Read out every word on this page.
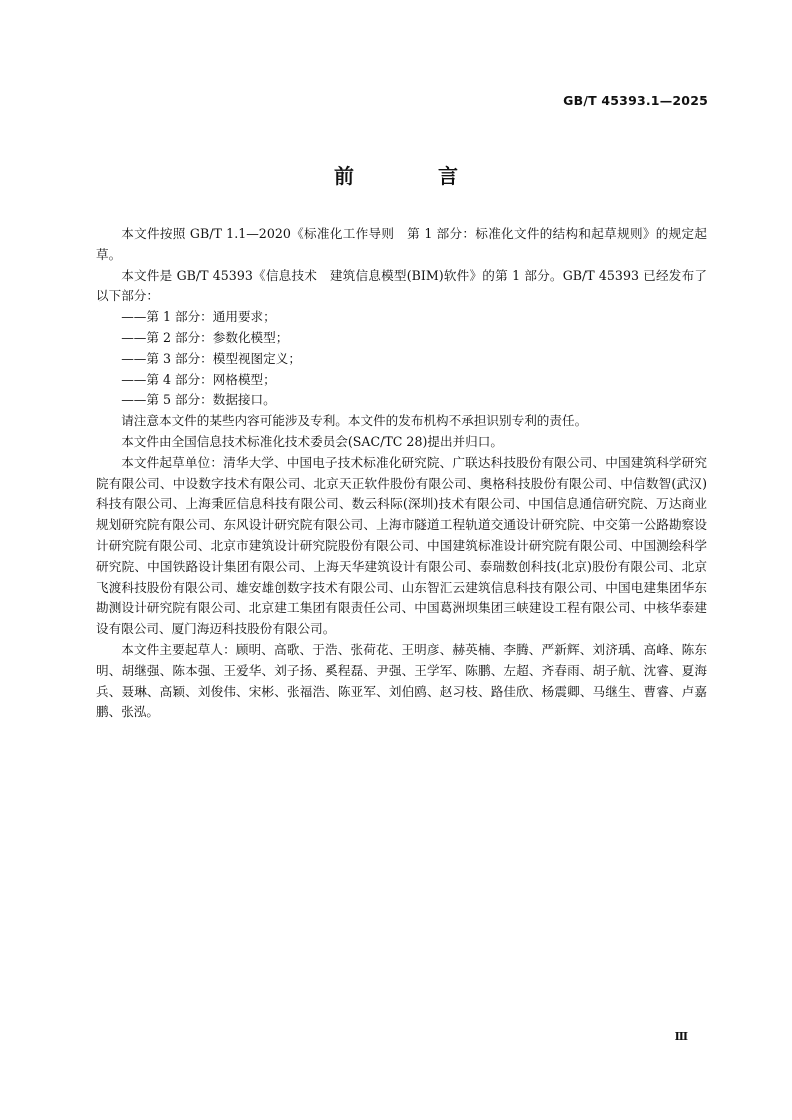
GB/T 45393.1—2025
前　言

本文件按照 GB/T 1.1—2020《标准化工作导则　第 1 部分：标准化文件的结构和起草规则》的规定起草。

本文件是 GB/T 45393《信息技术　建筑信息模型(BIM)软件》的第 1 部分。GB/T 45393 已经发布了以下部分：

——第 1 部分：通用要求；
——第 2 部分：参数化模型；
——第 3 部分：模型视图定义；
——第 4 部分：网格模型；
——第 5 部分：数据接口。

请注意本文件的某些内容可能涉及专利。本文件的发布机构不承担识别专利的责任。

本文件由全国信息技术标准化技术委员会(SAC/TC 28)提出并归口。

本文件起草单位：清华大学、中国电子技术标准化研究院、广联达科技股份有限公司、中国建筑科学研究院有限公司、中设数字技术有限公司、北京天正软件股份有限公司、奥格科技股份有限公司、中信数智(武汉)科技有限公司、上海秉匠信息科技有限公司、数云科际(深圳)技术有限公司、中国信息通信研究院、万达商业规划研究院有限公司、东风设计研究院有限公司、上海市隧道工程轨道交通设计研究院、中交第一公路勘察设计研究院有限公司、北京市建筑设计研究院股份有限公司、中国建筑标准设计研究院有限公司、中国测绘科学研究院、中国铁路设计集团有限公司、上海天华建筑设计有限公司、泰瑞数创科技(北京)股份有限公司、北京飞渡科技股份有限公司、雄安雄创数字技术有限公司、山东智汇云建筑信息科技有限公司、中国电建集团华东勘测设计研究院有限公司、北京建工集团有限责任公司、中国葛洲坝集团三峡建设工程有限公司、中核华泰建设有限公司、厦门海迈科技股份有限公司。

本文件主要起草人：顾明、高歌、于浩、张荷花、王明彦、赫英楠、李腾、严新辉、刘济瑀、高峰、陈东明、胡继强、陈本强、王爱华、刘子扬、奚程磊、尹强、王学军、陈鹏、左超、齐春雨、胡子航、沈睿、夏海兵、聂琳、高颖、刘俊伟、宋彬、张福浩、陈亚军、刘伯鸥、赵习枝、路佳欣、杨震卿、马继生、曹睿、卢嘉鹏、张泓。

Ⅲ
